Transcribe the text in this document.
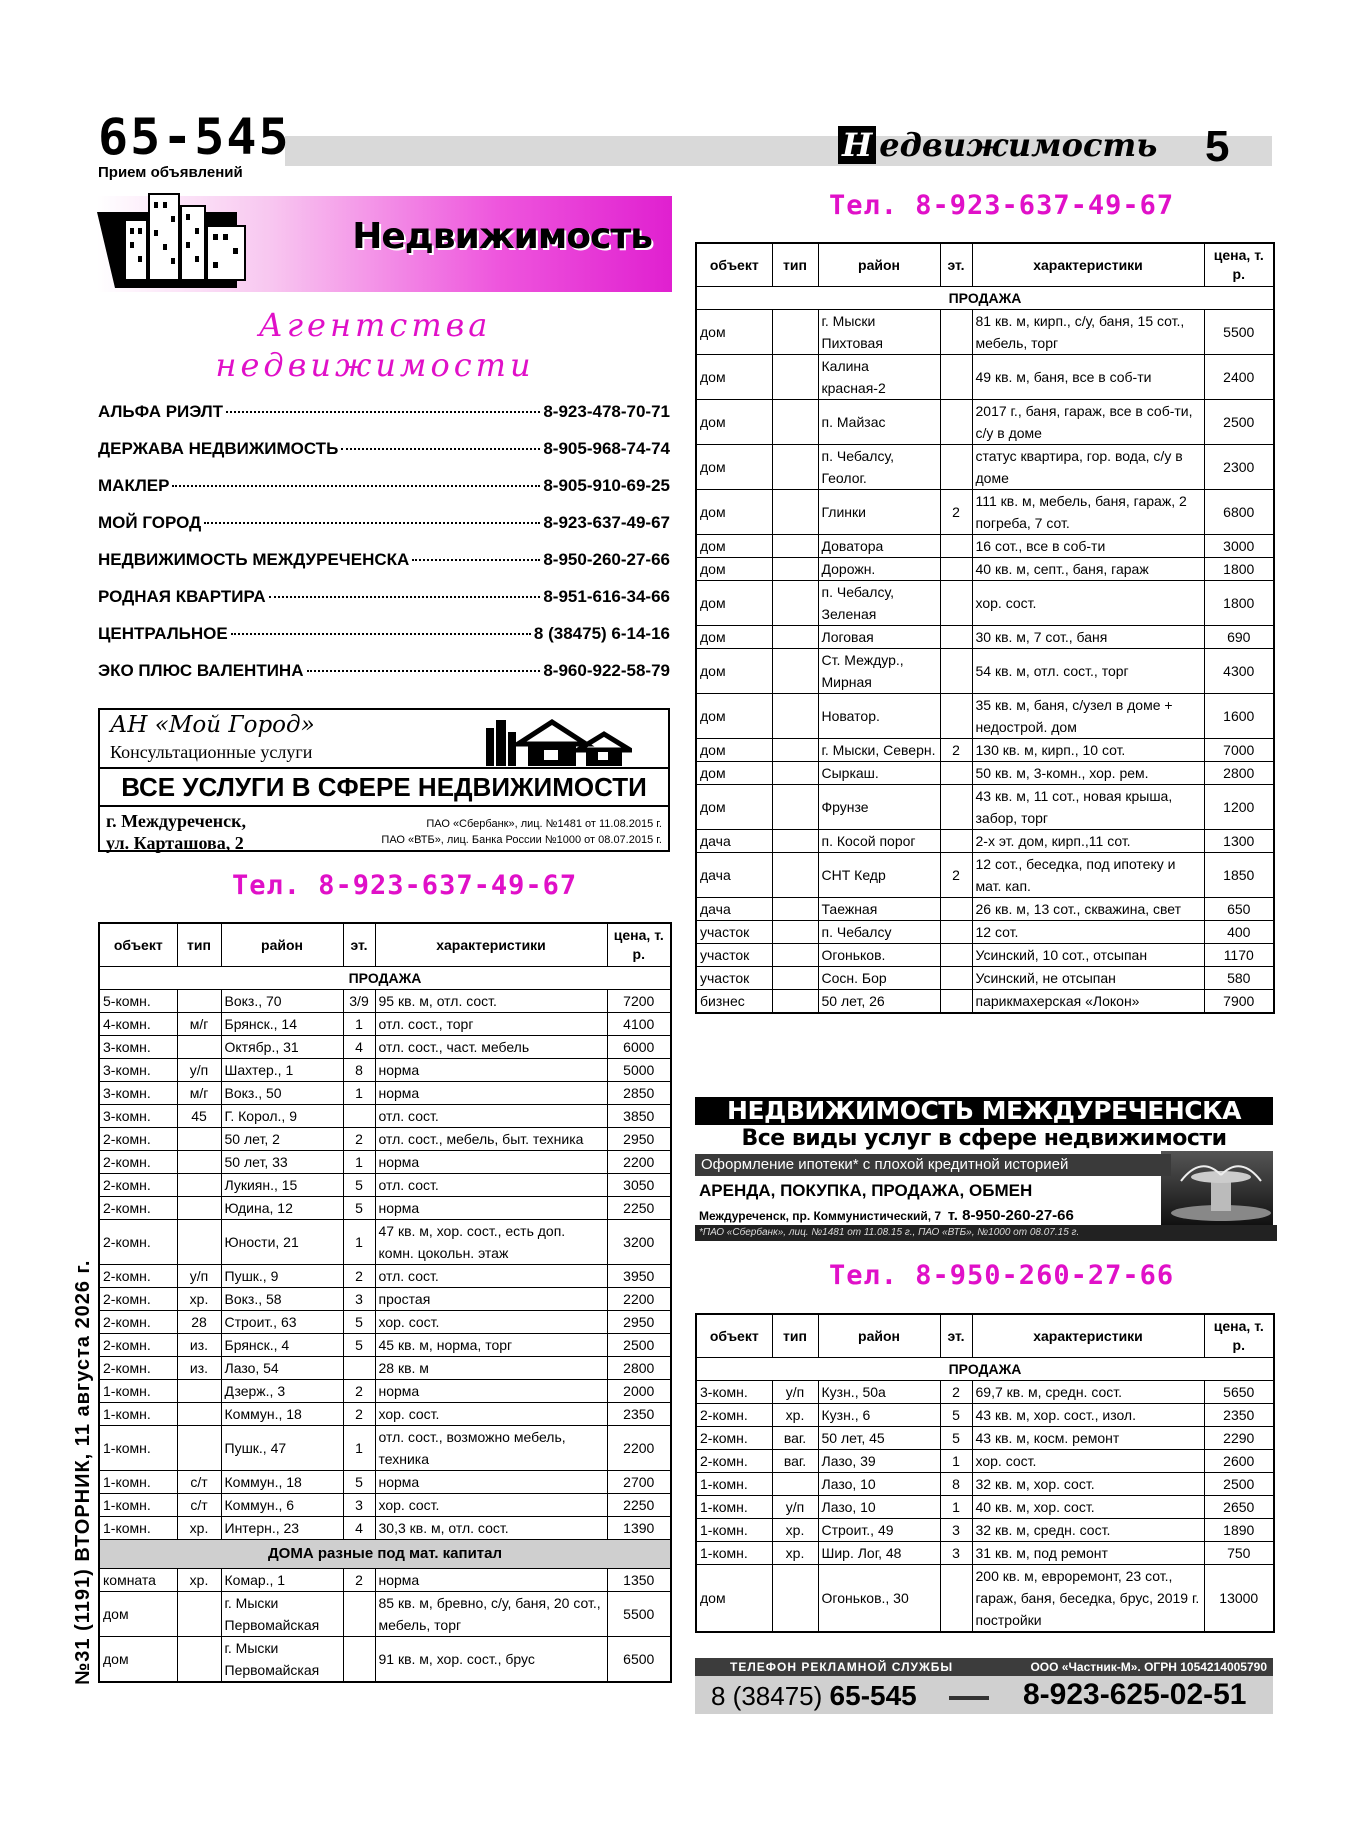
65-545
Прием объявлений
Н едвижимость 5
Недвижимость
Агентства
недвижимости
АЛЬФА РИЭЛТ	8-923-478-70-71
ДЕРЖАВА НЕДВИЖИМОСТЬ	8-905-968-74-74
МАКЛЕР	8-905-910-69-25
МОЙ ГОРОД	8-923-637-49-67
НЕДВИЖИМОСТЬ МЕЖДУРЕЧЕНСКА	8-950-260-27-66
РОДНАЯ КВАРТИРА	8-951-616-34-66
ЦЕНТРАЛЬНОЕ	8 (38475) 6-14-16
ЭКО ПЛЮС ВАЛЕНТИНА	8-960-922-58-79
АН «Мой Город»
Консультационные услуги
ВСЕ УСЛУГИ В СФЕРЕ НЕДВИЖИМОСТИ
г. Междуреченск,
ул. Карташова, 2
ПАО «Сбербанк», лиц. №1481 от 11.08.2015 г.
ПАО «ВТБ», лиц. Банка России №1000 от 08.07.2015 г.
Тел. 8-923-637-49-67
объект	тип	район	эт.	характеристики	цена, т. р.
ПРОДАЖА					
5-комн.		Вокз., 70	3/9	95 кв. м, отл. сост.	7200
4-комн.	м/г	Брянск., 14	1	отл. сост., торг	4100
3-комн.		Октябр., 31	4	отл. сост., част. мебель	6000
3-комн.	у/п	Шахтер., 1	8	норма	5000
3-комн.	м/г	Вокз., 50	1	норма	2850
3-комн.	45	Г. Корол., 9		отл. сост.	3850
2-комн.		50 лет, 2	2	отл. сост., мебель, быт. техника	2950
2-комн.		50 лет, 33	1	норма	2200
2-комн.		Лукиян., 15	5	отл. сост.	3050
2-комн.		Юдина, 12	5	норма	2250
2-комн.		Юности, 21	1	47 кв. м, хор. сост., есть доп. комн. цокольн. этаж	3200
2-комн.	у/п	Пушк., 9	2	отл. сост.	3950
2-комн.	хр.	Вокз., 58	3	простая	2200
2-комн.	28	Строит., 63	5	хор. сост.	2950
2-комн.	из.	Брянск., 4	5	45 кв. м, норма, торг	2500
2-комн.	из.	Лазо, 54		28 кв. м	2800
1-комн.		Дзерж., 3	2	норма	2000
1-комн.		Коммун., 18	2	хор. сост.	2350
1-комн.		Пушк., 47	1	отл. сост., возможно мебель, техника	2200
1-комн.	с/т	Коммун., 18	5	норма	2700
1-комн.	с/т	Коммун., 6	3	хор. сост.	2250
1-комн.	хр.	Интерн., 23	4	30,3 кв. м, отл. сост.	1390
ДОМА разные под мат. капитал					
комната	хр.	Комар., 1	2	норма	1350
дом		г. Мыски Первомайская		85 кв. м, бревно, с/у, баня, 20 сот., мебель, торг	5500
дом		г. Мыски Первомайская		91 кв. м, хор. сост., брус	6500
Тел. 8-923-637-49-67
объект	тип	район	эт.	характеристики	цена, т. р.
ПРОДАЖА					
дом		г. Мыски Пихтовая		81 кв. м, кирп., с/у, баня, 15 сот., мебель, торг	5500
дом		Калина красная-2		49 кв. м, баня, все в соб-ти	2400
дом		п. Майзас		2017 г., баня, гараж, все в соб-ти, с/у в доме	2500
дом		п. Чебалсу, Геолог.		статус квартира, гор. вода, с/у в доме	2300
дом		Глинки	2	111 кв. м, мебель, баня, гараж, 2 погреба, 7 сот.	6800
дом		Доватора		16 сот., все в соб-ти	3000
дом		Дорожн.		40 кв. м, септ., баня, гараж	1800
дом		п. Чебалсу, Зеленая		хор. сост.	1800
дом		Логовая		30 кв. м, 7 сот., баня	690
дом		Ст. Междур., Мирная		54 кв. м, отл. сост., торг	4300
дом		Новатор.		35 кв. м, баня, с/узел в доме + недострой. дом	1600
дом		г. Мыски, Северн.	2	130 кв. м, кирп., 10 сот.	7000
дом		Сыркаш.		50 кв. м, 3-комн., хор. рем.	2800
дом		Фрунзе		43 кв. м, 11 сот., новая крыша, забор, торг	1200
дача		п. Косой порог		2-х эт. дом, кирп.,11 сот.	1300
дача		СНТ Кедр	2	12 сот., беседка, под ипотеку и мат. кап.	1850
дача		Таежная		26 кв. м, 13 сот., скважина, свет	650
участок		п. Чебалсу		12 сот.	400
участок		Огоньков.		Усинский, 10 сот., отсыпан	1170
участок		Сосн. Бор		Усинский, не отсыпан	580
бизнес		50 лет, 26		парикмахерская «Локон»	7900
НЕДВИЖИМОСТЬ МЕЖДУРЕЧЕНСКА
Все виды услуг в сфере недвижимости
Оформление ипотеки* с плохой кредитной историей
АРЕНДА, ПОКУПКА, ПРОДАЖА, ОБМЕН
Междуреченск, пр. Коммунистический, 7 т. 8-950-260-27-66
*ПАО «Сбербанк», лиц. №1481 от 11.08.15 г., ПАО «ВТБ», №1000 от 08.07.15 г.
Тел. 8-950-260-27-66
объект	тип	район	эт.	характеристики	цена, т. р.
ПРОДАЖА					
3-комн.	у/п	Кузн., 50а	2	69,7 кв. м, средн. сост.	5650
2-комн.	хр.	Кузн., 6	5	43 кв. м, хор. сост., изол.	2350
2-комн.	ваг.	50 лет, 45	5	43 кв. м, косм. ремонт	2290
2-комн.	ваг.	Лазо, 39	1	хор. сост.	2600
1-комн.		Лазо, 10	8	32 кв. м, хор. сост.	2500
1-комн.	у/п	Лазо, 10	1	40 кв. м, хор. сост.	2650
1-комн.	хр.	Строит., 49	3	32 кв. м, средн. сост.	1890
1-комн.	хр.	Шир. Лог, 48	3	31 кв. м, под ремонт	750
дом		Огоньков., 30		200 кв. м, евроремонт, 23 сот., гараж, баня, беседка, брус, 2019 г. постройки	13000
ТЕЛЕФОН РЕКЛАМНОЙ СЛУЖБЫ	ООО «Частник-М». ОГРН 1054214005790
8 (38475) 65-545	8-923-625-02-51
№31 (1191) ВТОРНИК, 11 августа 2026 г.
